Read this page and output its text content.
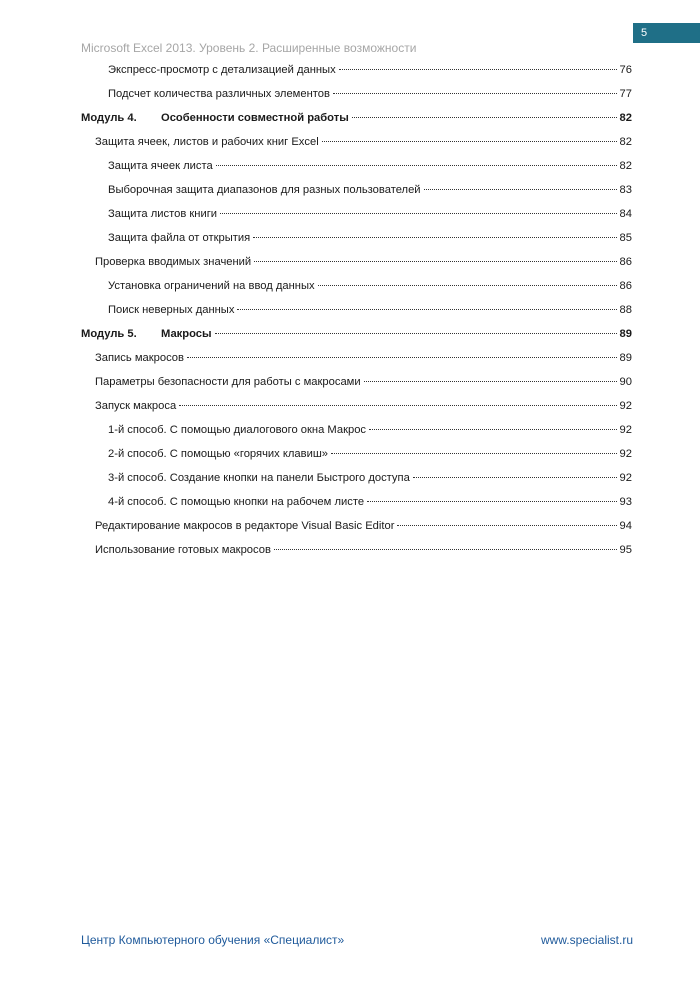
5
Microsoft Excel 2013. Уровень 2. Расширенные возможности
Экспресс-просмотр с детализацией данных	76
Подсчет количества различных элементов	77
Модуль 4.	Особенности совместной работы	82
Защита ячеек, листов и рабочих книг Excel	82
Защита ячеек листа	82
Выборочная защита диапазонов для разных пользователей	83
Защита листов книги	84
Защита файла от открытия	85
Проверка вводимых значений	86
Установка ограничений на ввод данных	86
Поиск неверных данных	88
Модуль 5.	Макросы	89
Запись макросов	89
Параметры безопасности для работы с макросами	90
Запуск макроса	92
1-й способ. С помощью диалогового окна Макрос	92
2-й способ. С помощью «горячих клавиш»	92
3-й способ. Создание кнопки на панели Быстрого доступа	92
4-й способ. С помощью кнопки на рабочем листе	93
Редактирование макросов в редакторе Visual Basic Editor	94
Использование готовых макросов	95
Центр Компьютерного обучения «Специалист»	www.specialist.ru
